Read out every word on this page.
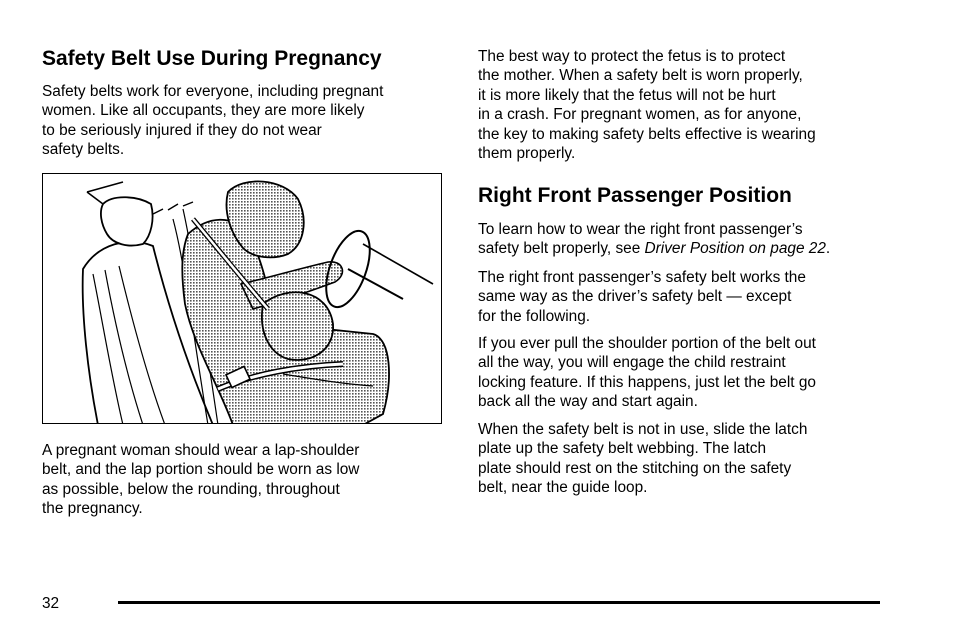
Safety Belt Use During Pregnancy

Safety belts work for everyone, including pregnant
women. Like all occupants, they are more likely
to be seriously injured if they do not wear
safety belts.

A pregnant woman should wear a lap-shoulder
belt, and the lap portion should be worn as low
as possible, below the rounding, throughout
the pregnancy.

The best way to protect the fetus is to protect
the mother. When a safety belt is worn properly,
it is more likely that the fetus will not be hurt
in a crash. For pregnant women, as for anyone,
the key to making safety belts effective is wearing
them properly.

Right Front Passenger Position

To learn how to wear the right front passenger’s
safety belt properly, see Driver Position on page 22.

The right front passenger’s safety belt works the
same way as the driver’s safety belt — except
for the following.

If you ever pull the shoulder portion of the belt out
all the way, you will engage the child restraint
locking feature. If this happens, just let the belt go
back all the way and start again.

When the safety belt is not in use, slide the latch
plate up the safety belt webbing. The latch
plate should rest on the stitching on the safety
belt, near the guide loop.

32
